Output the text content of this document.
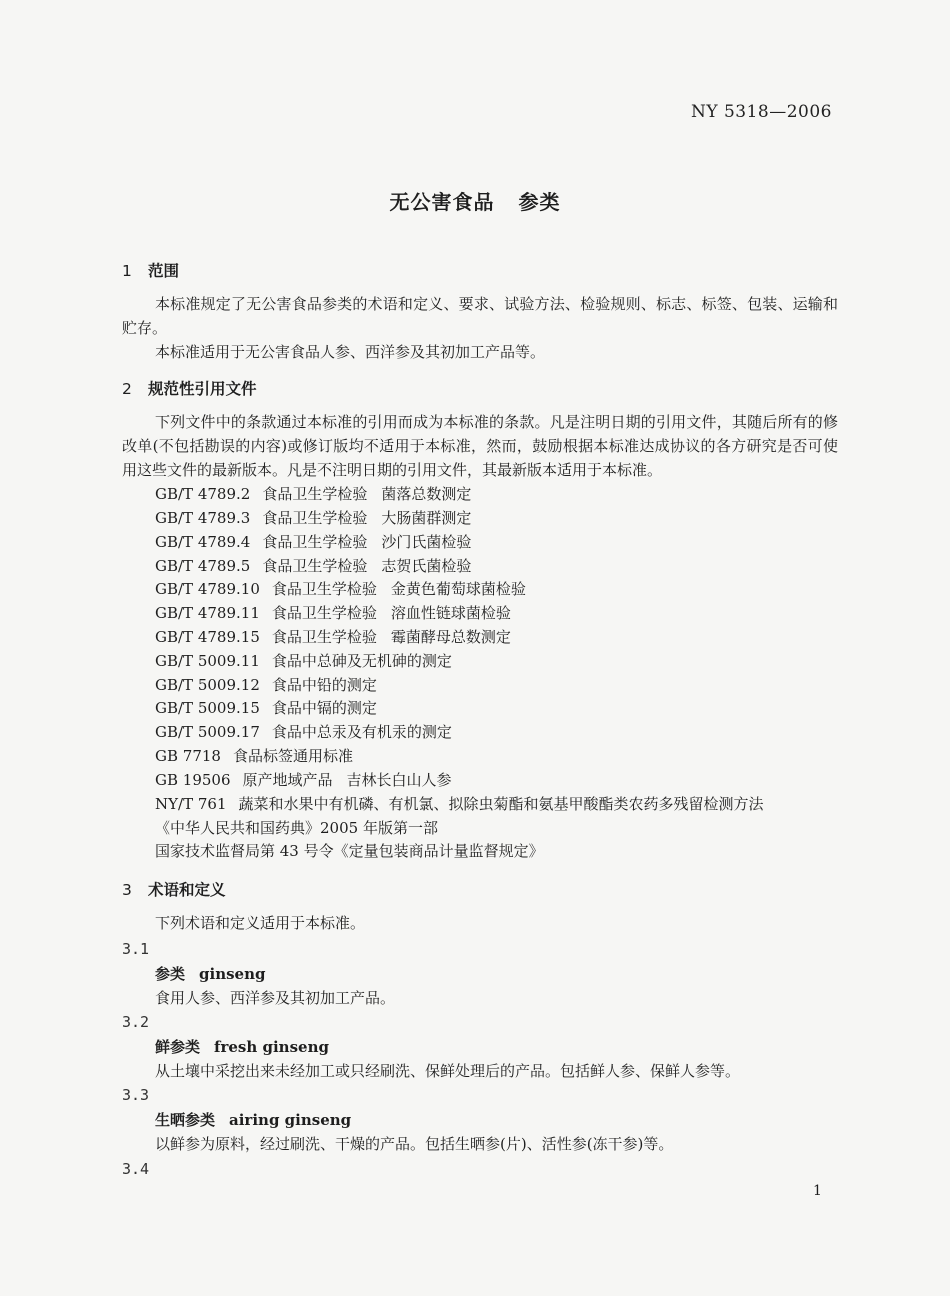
NY 5318—2006
无公害食品 参类
1 范围
本标准规定了无公害食品参类的术语和定义、要求、试验方法、检验规则、标志、标签、包装、运输和贮存。
本标准适用于无公害食品人参、西洋参及其初加工产品等。
2 规范性引用文件
下列文件中的条款通过本标准的引用而成为本标准的条款。凡是注明日期的引用文件，其随后所有的修改单(不包括勘误的内容)或修订版均不适用于本标准，然而，鼓励根据本标准达成协议的各方研究是否可使用这些文件的最新版本。凡是不注明日期的引用文件，其最新版本适用于本标准。
GB/T 4789.2 食品卫生学检验 菌落总数测定
GB/T 4789.3 食品卫生学检验 大肠菌群测定
GB/T 4789.4 食品卫生学检验 沙门氏菌检验
GB/T 4789.5 食品卫生学检验 志贺氏菌检验
GB/T 4789.10 食品卫生学检验 金黄色葡萄球菌检验
GB/T 4789.11 食品卫生学检验 溶血性链球菌检验
GB/T 4789.15 食品卫生学检验 霉菌酵母总数测定
GB/T 5009.11 食品中总砷及无机砷的测定
GB/T 5009.12 食品中铅的测定
GB/T 5009.15 食品中镉的测定
GB/T 5009.17 食品中总汞及有机汞的测定
GB 7718 食品标签通用标准
GB 19506 原产地域产品 吉林长白山人参
NY/T 761 蔬菜和水果中有机磷、有机氯、拟除虫菊酯和氨基甲酸酯类农药多残留检测方法
《中华人民共和国药典》2005 年版第一部
国家技术监督局第 43 号令《定量包装商品计量监督规定》
3 术语和定义
下列术语和定义适用于本标准。
3.1
参类 ginseng
食用人参、西洋参及其初加工产品。
3.2
鲜参类 fresh ginseng
从土壤中采挖出来未经加工或只经刷洗、保鲜处理后的产品。包括鲜人参、保鲜人参等。
3.3
生晒参类 airing ginseng
以鲜参为原料，经过刷洗、干燥的产品。包括生晒参(片)、活性参(冻干参)等。
3.4
1
